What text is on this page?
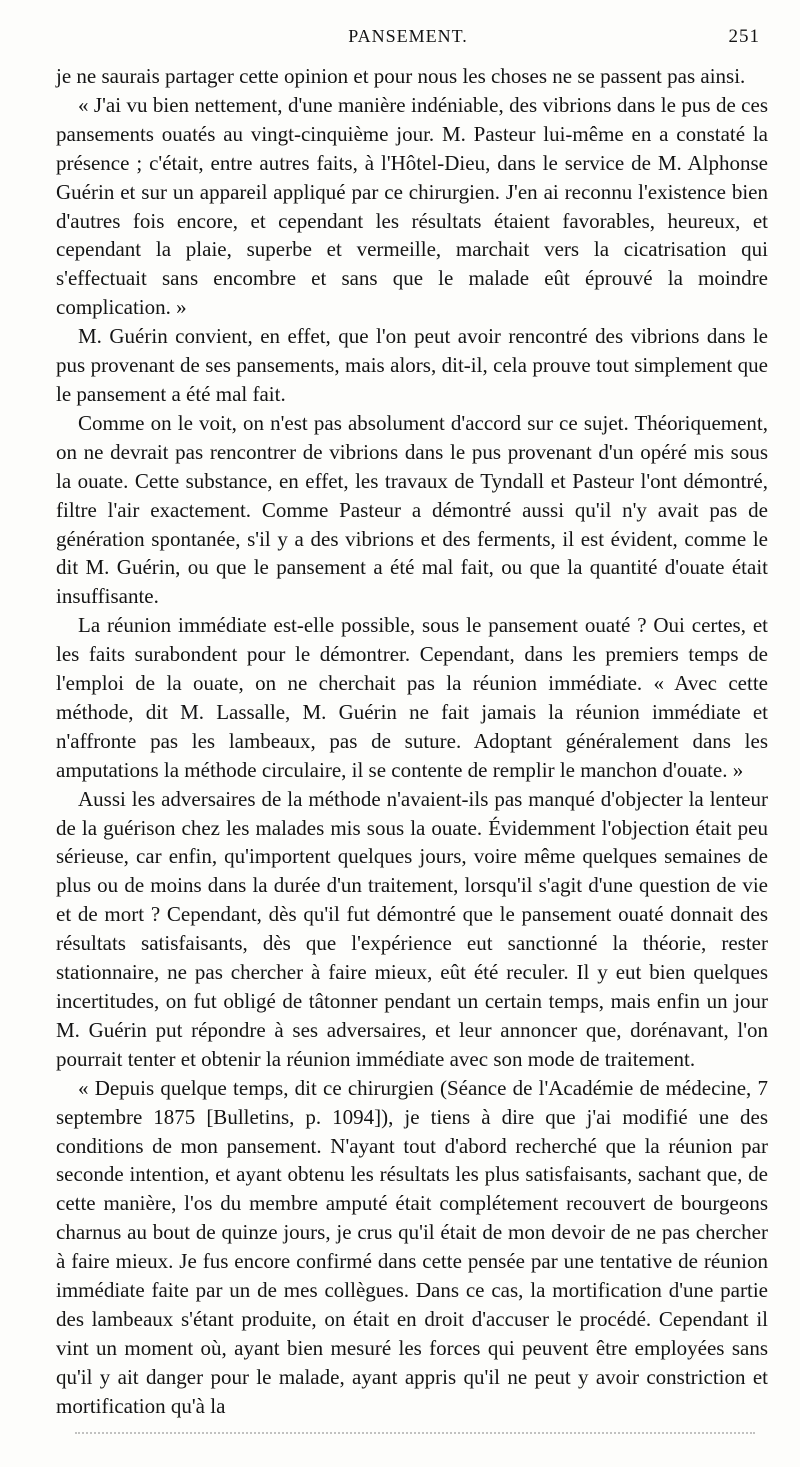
PANSEMENT.	251

je ne saurais partager cette opinion et pour nous les choses ne se passent pas ainsi.

« J'ai vu bien nettement, d'une manière indéniable, des vibrions dans le pus de ces pansements ouatés au vingt-cinquième jour. M. Pasteur lui-même en a constaté la présence ; c'était, entre autres faits, à l'Hôtel-Dieu, dans le service de M. Alphonse Guérin et sur un appareil appliqué par ce chirurgien. J'en ai reconnu l'existence bien d'autres fois encore, et cependant les résultats étaient favorables, heureux, et cependant la plaie, superbe et vermeille, marchait vers la cicatrisation qui s'effectuait sans encombre et sans que le malade eût éprouvé la moindre complication. »

M. Guérin convient, en effet, que l'on peut avoir rencontré des vibrions dans le pus provenant de ses pansements, mais alors, dit-il, cela prouve tout simplement que le pansement a été mal fait.

Comme on le voit, on n'est pas absolument d'accord sur ce sujet. Théoriquement, on ne devrait pas rencontrer de vibrions dans le pus provenant d'un opéré mis sous la ouate. Cette substance, en effet, les travaux de Tyndall et Pasteur l'ont démontré, filtre l'air exactement. Comme Pasteur a démontré aussi qu'il n'y avait pas de génération spontanée, s'il y a des vibrions et des ferments, il est évident, comme le dit M. Guérin, ou que le pansement a été mal fait, ou que la quantité d'ouate était insuffisante.

La réunion immédiate est-elle possible, sous le pansement ouaté ? Oui certes, et les faits surabondent pour le démontrer. Cependant, dans les premiers temps de l'emploi de la ouate, on ne cherchait pas la réunion immédiate. « Avec cette méthode, dit M. Lassalle, M. Guérin ne fait jamais la réunion immédiate et n'affronte pas les lambeaux, pas de suture. Adoptant généralement dans les amputations la méthode circulaire, il se contente de remplir le manchon d'ouate. »

Aussi les adversaires de la méthode n'avaient-ils pas manqué d'objecter la lenteur de la guérison chez les malades mis sous la ouate. Évidemment l'objection était peu sérieuse, car enfin, qu'importent quelques jours, voire même quelques semaines de plus ou de moins dans la durée d'un traitement, lorsqu'il s'agit d'une question de vie et de mort ? Cependant, dès qu'il fut démontré que le pansement ouaté donnait des résultats satisfaisants, dès que l'expérience eut sanctionné la théorie, rester stationnaire, ne pas chercher à faire mieux, eût été reculer. Il y eut bien quelques incertitudes, on fut obligé de tâtonner pendant un certain temps, mais enfin un jour M. Guérin put répondre à ses adversaires, et leur annoncer que, dorénavant, l'on pourrait tenter et obtenir la réunion immédiate avec son mode de traitement.

« Depuis quelque temps, dit ce chirurgien (Séance de l'Académie de médecine, 7 septembre 1875 [Bulletins, p. 1094]), je tiens à dire que j'ai modifié une des conditions de mon pansement. N'ayant tout d'abord recherché que la réunion par seconde intention, et ayant obtenu les résultats les plus satisfaisants, sachant que, de cette manière, l'os du membre amputé était complétement recouvert de bourgeons charnus au bout de quinze jours, je crus qu'il était de mon devoir de ne pas chercher à faire mieux. Je fus encore confirmé dans cette pensée par une tentative de réunion immédiate faite par un de mes collègues. Dans ce cas, la mortification d'une partie des lambeaux s'étant produite, on était en droit d'accuser le procédé. Cependant il vint un moment où, ayant bien mesuré les forces qui peuvent être employées sans qu'il y ait danger pour le malade, ayant appris qu'il ne peut y avoir constriction et mortification qu'à la
